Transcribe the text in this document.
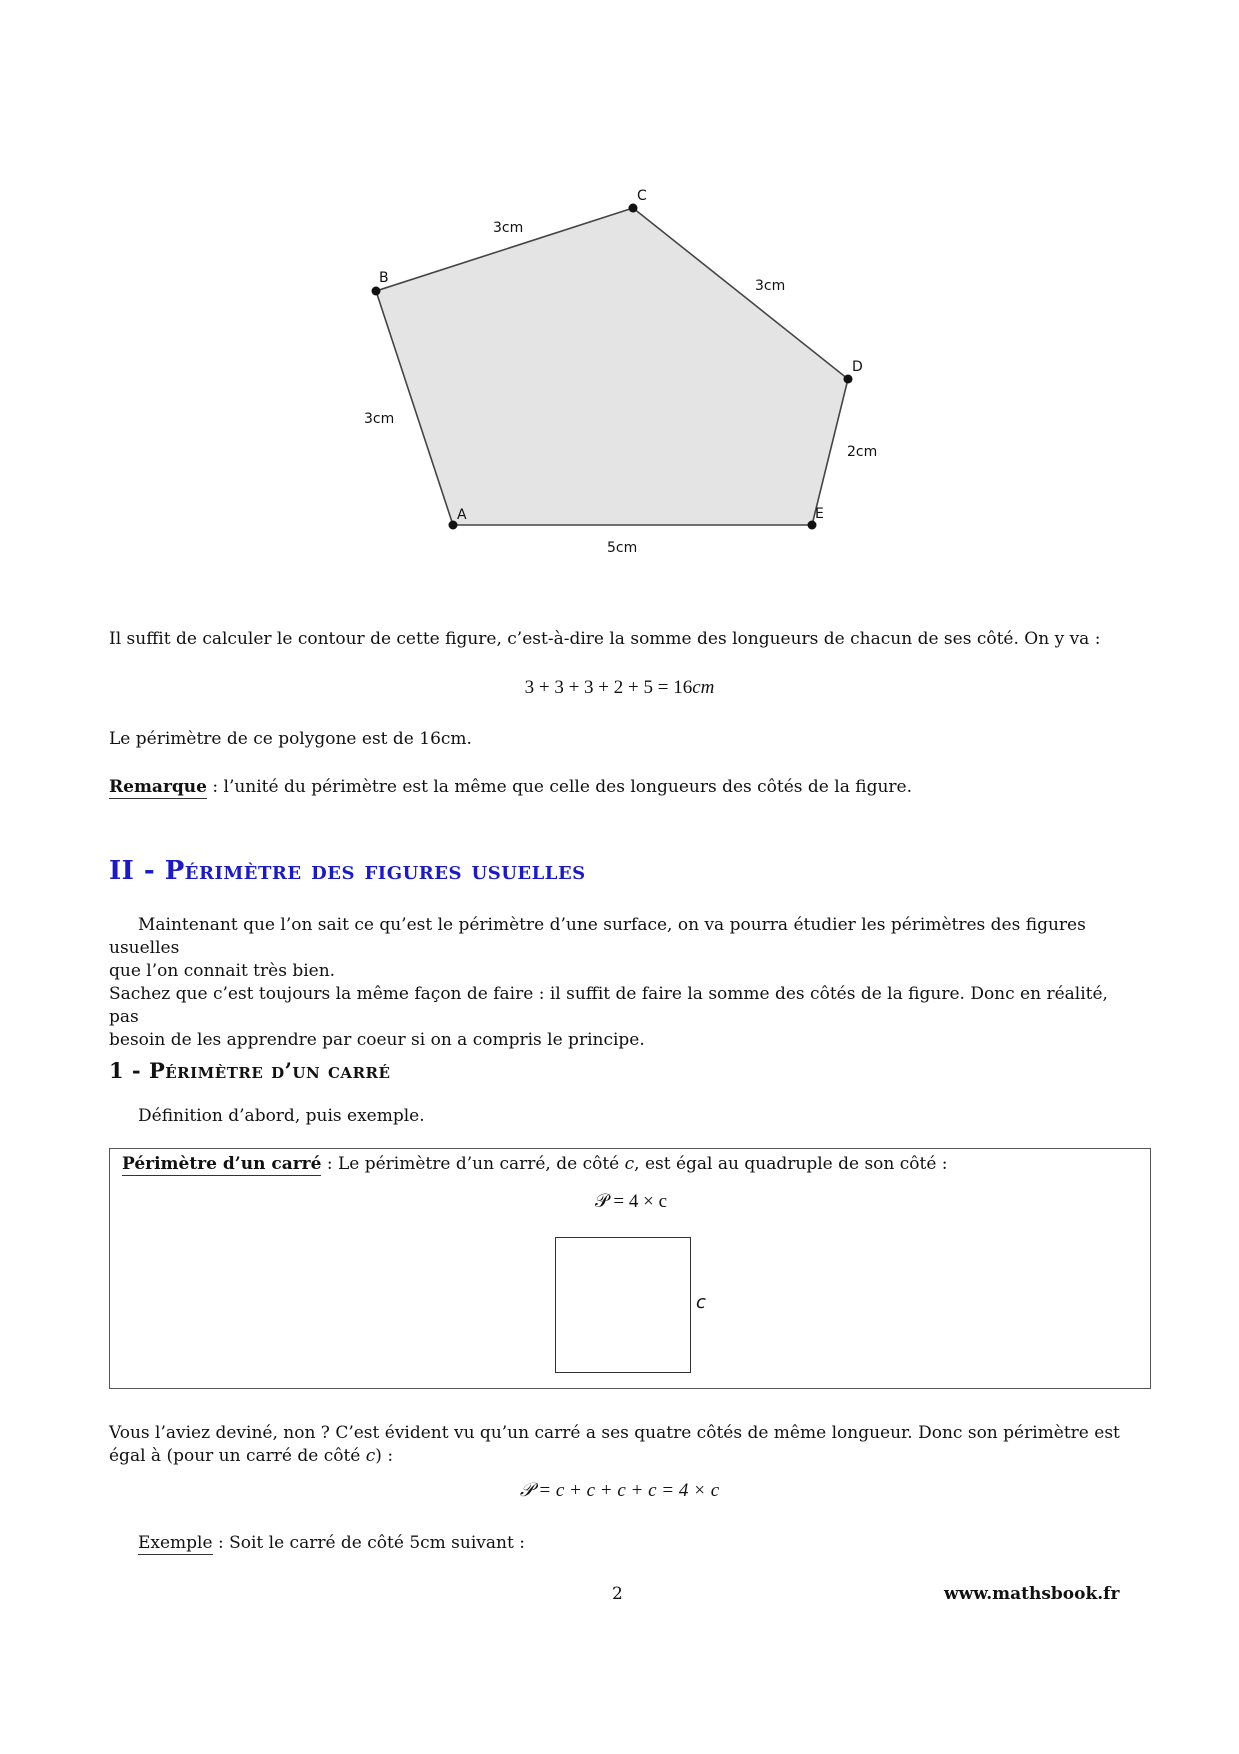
A
B
C
D
E
3cm
3cm
3cm
2cm
5cm
Il suffit de calculer le contour de cette figure, c’est-à-dire la somme des longueurs de chacun de ses côté. On y va :
3 + 3 + 3 + 2 + 5 = 16cm
Le périmètre de ce polygone est de 16cm.
Remarque : l’unité du périmètre est la même que celle des longueurs des côtés de la figure.
II - Périmètre des figures usuelles
Maintenant que l’on sait ce qu’est le périmètre d’une surface, on va pourra étudier les périmètres des figures usuelles
que l’on connait très bien.
Sachez que c’est toujours la même façon de faire : il suffit de faire la somme des côtés de la figure. Donc en réalité, pas
besoin de les apprendre par coeur si on a compris le principe.
1 - Périmètre d’un carré
Définition d’abord, puis exemple.
Périmètre d’un carré : Le périmètre d’un carré, de côté c, est égal au quadruple de son côté :
𝒫 = 4 × c
c
Vous l’aviez deviné, non ? C’est évident vu qu’un carré a ses quatre côtés de même longueur. Donc son périmètre est
égal à (pour un carré de côté c) :
𝒫 = c + c + c + c = 4 × c
Exemple : Soit le carré de côté 5cm suivant :
2	www.mathsbook.fr
